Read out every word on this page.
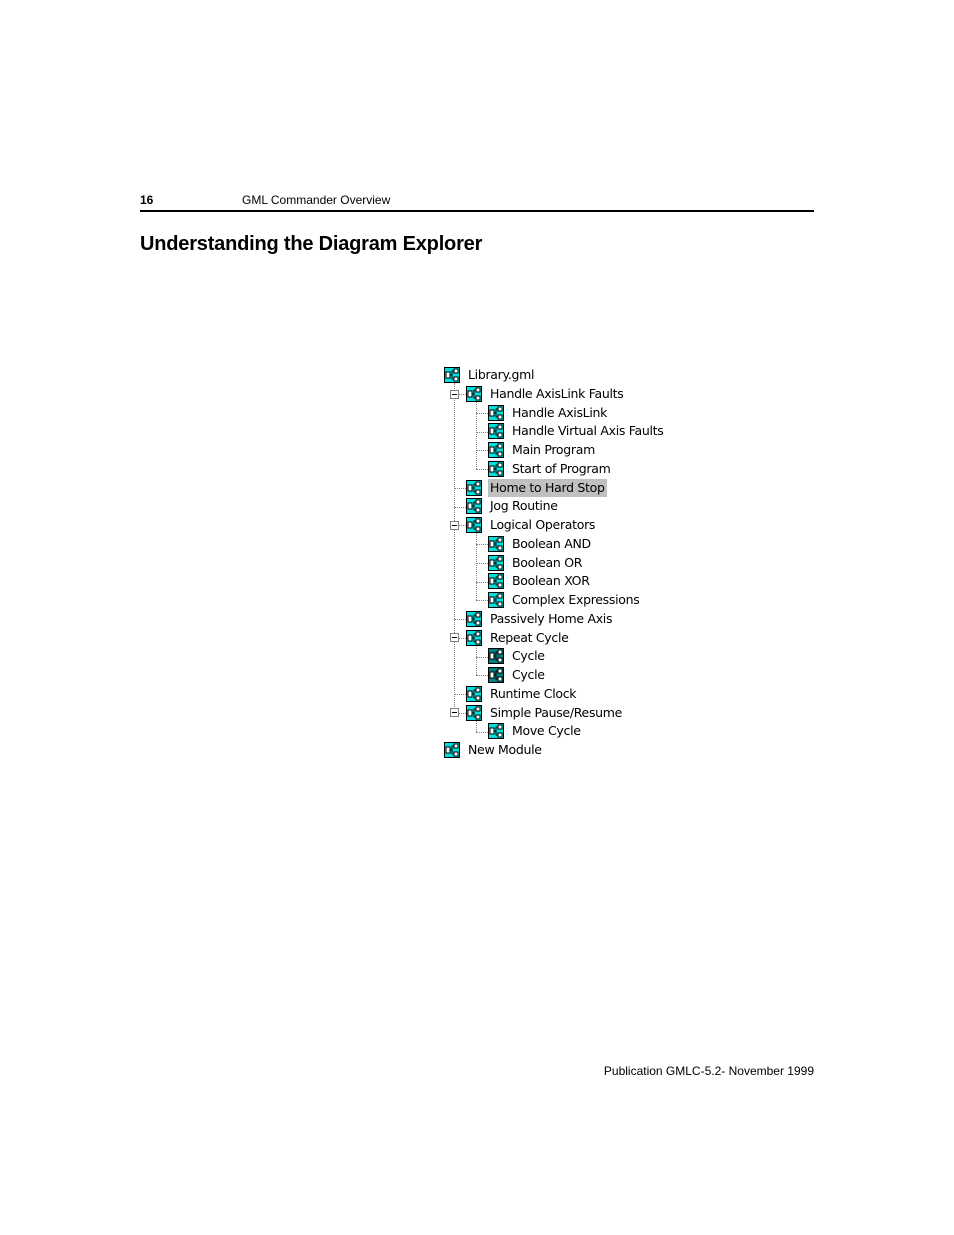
16	GML Commander Overview
Understanding the Diagram Explorer
Library.gml
Handle AxisLink Faults
Handle AxisLink
Handle Virtual Axis Faults
Main Program
Start of Program
Home to Hard Stop
Jog Routine
Logical Operators
Boolean AND
Boolean OR
Boolean XOR
Complex Expressions
Passively Home Axis
Repeat Cycle
Cycle
Cycle
Runtime Clock
Simple Pause/Resume
Move Cycle
New Module
Publication GMLC-5.2- November 1999
